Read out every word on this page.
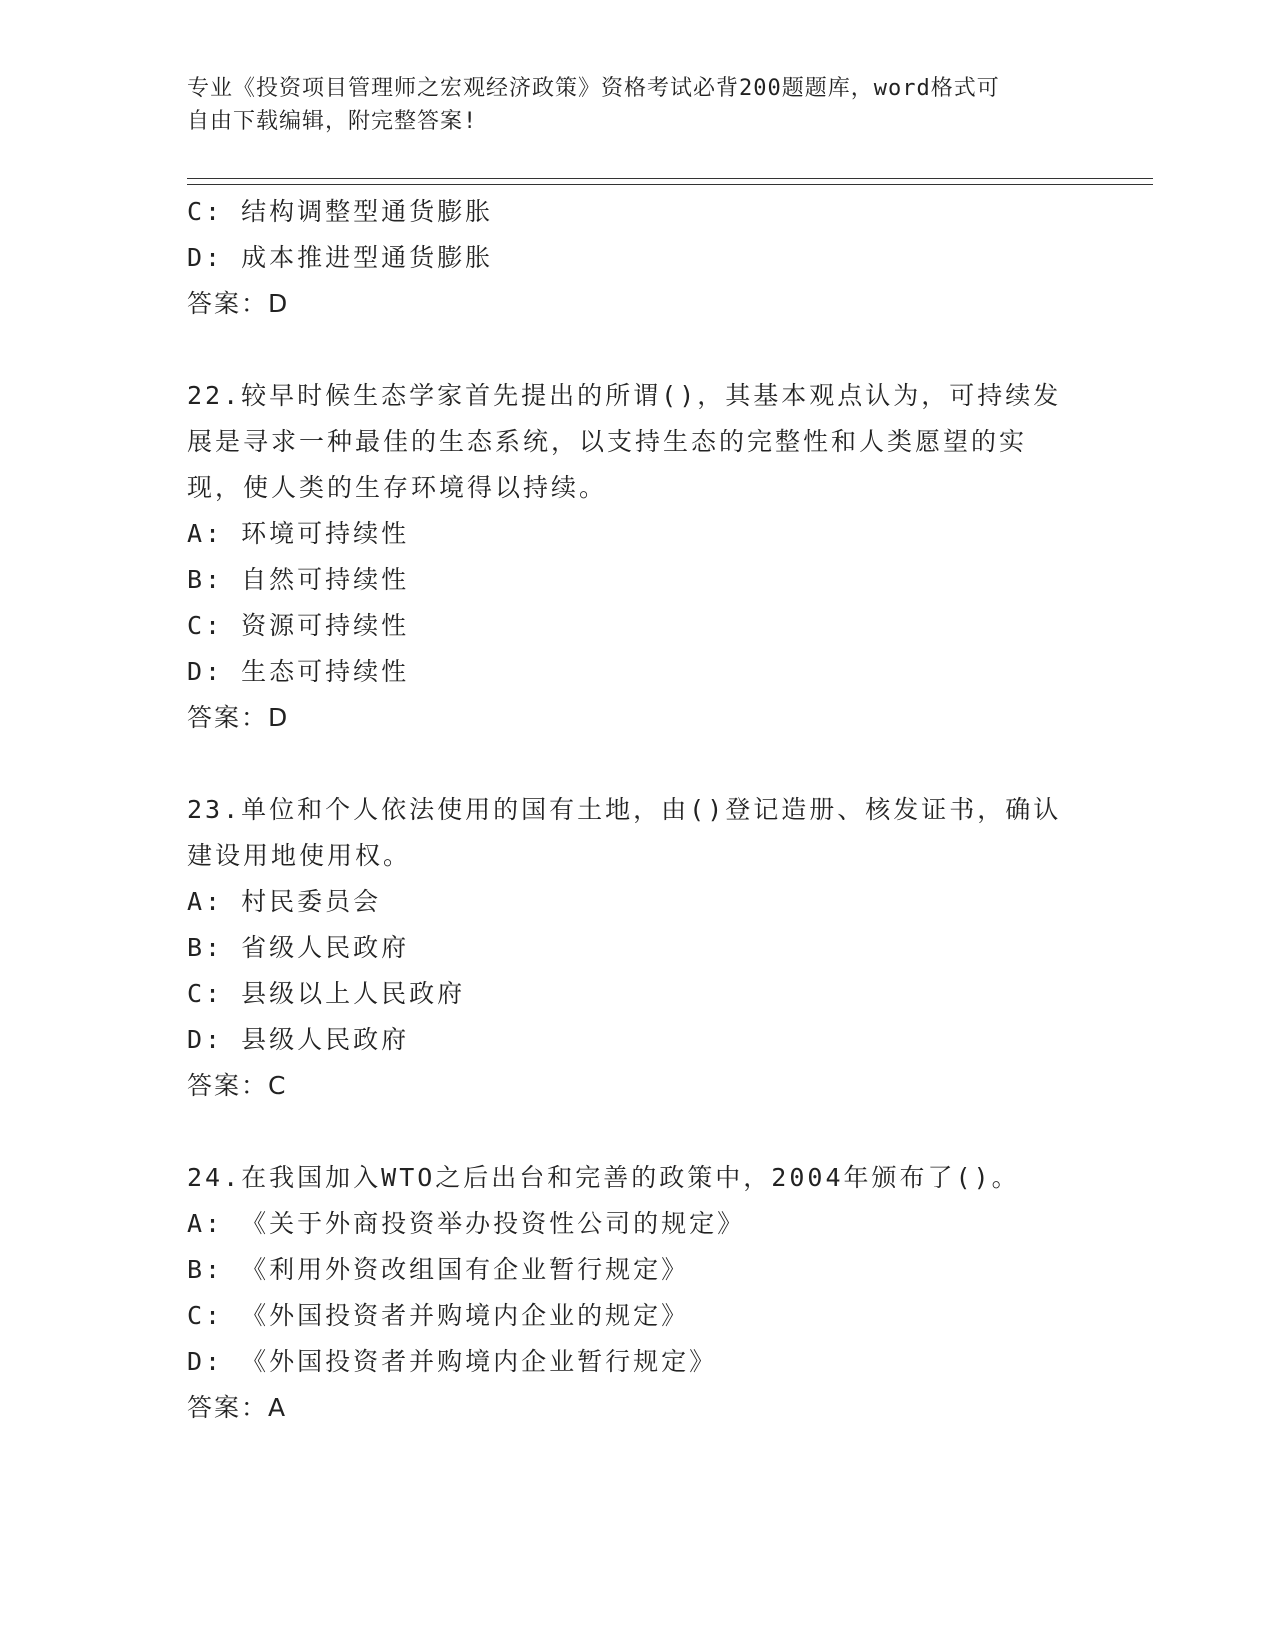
专业《投资项目管理师之宏观经济政策》资格考试必背200题题库，word格式可
自由下载编辑，附完整答案!
C: 结构调整型通货膨胀
D: 成本推进型通货膨胀
答案：D
22.较早时候生态学家首先提出的所谓()，其基本观点认为，可持续发
展是寻求一种最佳的生态系统，以支持生态的完整性和人类愿望的实
现，使人类的生存环境得以持续。
A: 环境可持续性
B: 自然可持续性
C: 资源可持续性
D: 生态可持续性
答案：D
23.单位和个人依法使用的国有土地，由()登记造册、核发证书，确认
建设用地使用权。
A: 村民委员会
B: 省级人民政府
C: 县级以上人民政府
D: 县级人民政府
答案：C
24.在我国加入WTO之后出台和完善的政策中，2004年颁布了()。
A: 《关于外商投资举办投资性公司的规定》
B: 《利用外资改组国有企业暂行规定》
C: 《外国投资者并购境内企业的规定》
D: 《外国投资者并购境内企业暂行规定》
答案：A
